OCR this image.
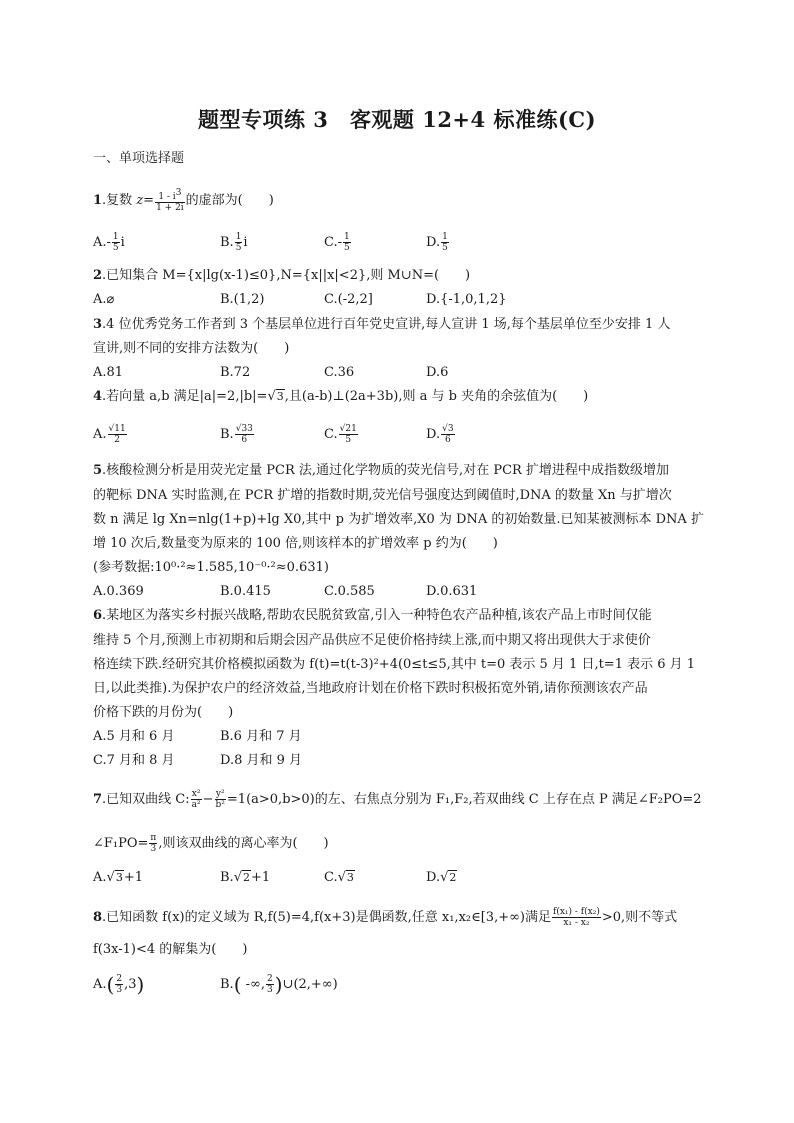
题型专项练 3　客观题 12+4 标准练(C)
一、单项选择题
1.复数 $z= \frac{1 - i^3}{1 + 2i}$ 的虚部为(　　)
$A.- \frac{1}{5}$ i	B. $\frac{1}{5}$ i	$C.- \frac{1}{5}$	D. $\frac{1}{5}$
2.已知集合 M={x|lg(x-1)≤0},N={x||x|<2},则 M∪N=(　　)
A.⌀	B.(1,2)	C.(-2,2]	D.{-1,0,1,2}
3.4 位优秀党务工作者到 3 个基层单位进行百年党史宣讲,每人宣讲 1 场,每个基层单位至少安排 1 人
宣讲,则不同的安排方法数为(　　)
A.81	B.72	C.36	D.6
4.若向量 a,b 满足|a|=2,|b|=√3,且(a-b)⊥(2a+3b),则 a 与 b 夹角的余弦值为(　　)
A. $\frac{√11}{2}$	B. $\frac{√33}{6}$	C. $\frac{√21}{5}$	D. $\frac{√3}{6}$
5.核酸检测分析是用荧光定量 PCR 法,通过化学物质的荧光信号,对在 PCR 扩增进程中成指数级增加
的靶标 DNA 实时监测,在 PCR 扩增的指数时期,荧光信号强度达到阈值时,DNA 的数量 Xn 与扩增次
数 n 满足 lg Xn=nlg(1+p)+lg X0,其中 p 为扩增效率,X0 为 DNA 的初始数量.已知某被测标本 DNA 扩
增 10 次后,数量变为原来的 100 倍,则该样本的扩增效率 p 约为(　　)
(参考数据:10⁰·²≈1.585,10⁻⁰·²≈0.631)
A.0.369	B.0.415	C.0.585	D.0.631
6.某地区为落实乡村振兴战略,帮助农民脱贫致富,引入一种特色农产品种植,该农产品上市时间仅能
维持 5 个月,预测上市初期和后期会因产品供应不足使价格持续上涨,而中期又将出现供大于求使价
格连续下跌.经研究其价格模拟函数为 f(t)=t(t-3)²+4(0≤t≤5,其中 t=0 表示 5 月 1 日,t=1 表示 6 月 1
日,以此类推).为保护农户的经济效益,当地政府计划在价格下跌时积极拓宽外销,请你预测该农产品
价格下跌的月份为(　　)
A.5 月和 6 月	B.6 月和 7 月
C.7 月和 8 月	D.8 月和 9 月
7.已知双曲线 C: $\frac{\text{x²}}{\text{a²}} - \frac{\text{y²}}{\text{b²}} =1(a>0,b>0)$的左、右焦点分别为 F₁,F₂,若双曲线 C 上存在点 P 满足∠F₂PO=2
∠F₁PO= $\frac{\pi}{3}$ ,则该双曲线的离心率为(　　)
A.√3+1	B.√2+1	C.√3	D.√2
8.已知函数 f(x)的定义域为 R,f(5)=4,f(x+3)是偶函数,任意 x₁,x₂∈[3,+∞)满足 $\frac{\text{f(x₁) - f(x₂)}}{\text{x₁ - x₂}} >0$,则不等式
f(3x-1)<4 的解集为(　　)
$A.( \frac{2}{3} ,3)$	B.( -∞, $\frac{2}{3}$ )∪(2,+∞)
